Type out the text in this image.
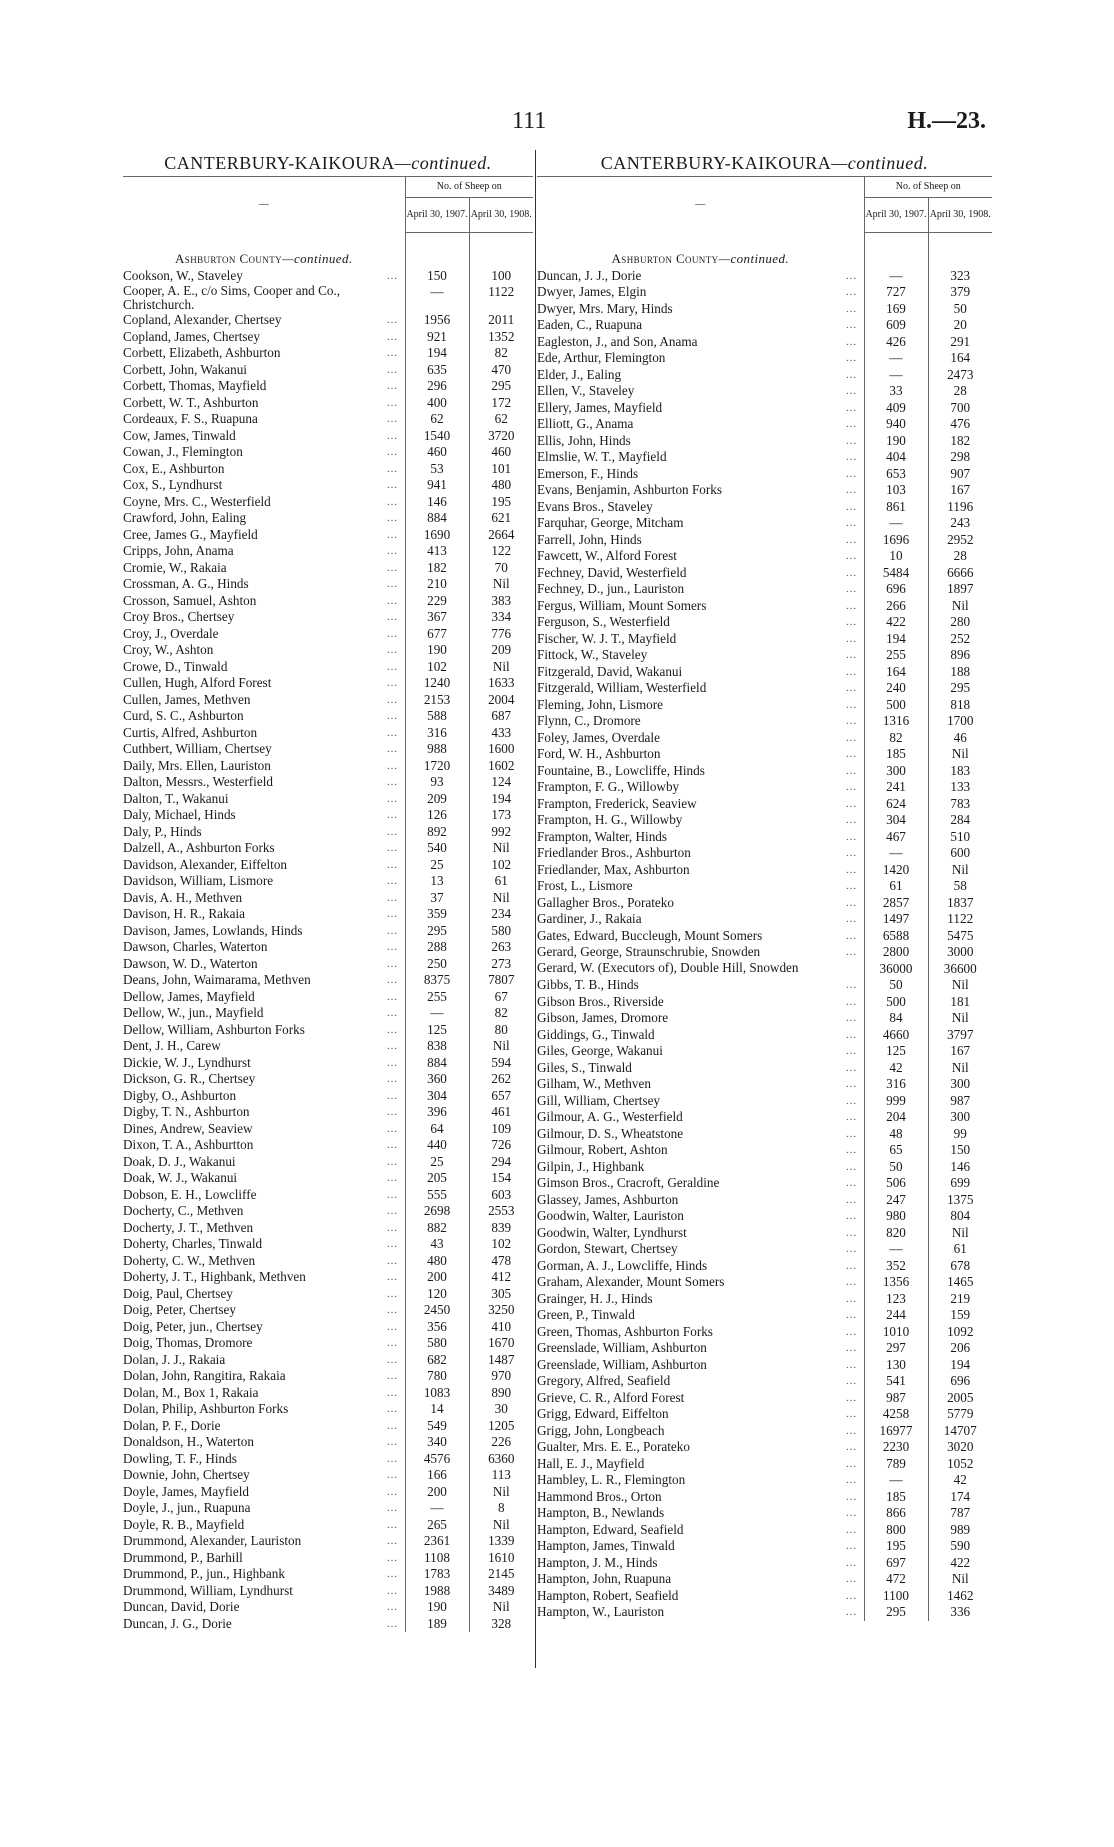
111	H.—23.
CANTERBURY-KAIKOURA—continued.
—	No. of Sheep on	
	April 30, 1907.	April 30, 1908.

Ashburton County—continued.		
Cookson, W., Staveley …	150	100
Cooper, A. E., c/o Sims, Cooper and Co., Christchurch.	—	1122
Copland, Alexander, Chertsey …	1956	2011
Copland, James, Chertsey …	921	1352
Corbett, Elizabeth, Ashburton …	194	82
Corbett, John, Wakanui …	635	470
Corbett, Thomas, Mayfield …	296	295
Corbett, W. T., Ashburton …	400	172
Cordeaux, F. S., Ruapuna …	62	62
Cow, James, Tinwald …	1540	3720
Cowan, J., Flemington …	460	460
Cox, E., Ashburton …	53	101
Cox, S., Lyndhurst …	941	480
Coyne, Mrs. C., Westerfield …	146	195
Crawford, John, Ealing …	884	621
Cree, James G., Mayfield …	1690	2664
Cripps, John, Anama …	413	122
Cromie, W., Rakaia …	182	70
Crossman, A. G., Hinds …	210	Nil
Crosson, Samuel, Ashton …	229	383
Croy Bros., Chertsey …	367	334
Croy, J., Overdale …	677	776
Croy, W., Ashton …	190	209
Crowe, D., Tinwald …	102	Nil
Cullen, Hugh, Alford Forest …	1240	1633
Cullen, James, Methven …	2153	2004
Curd, S. C., Ashburton …	588	687
Curtis, Alfred, Ashburton …	316	433
Cuthbert, William, Chertsey …	988	1600
Daily, Mrs. Ellen, Lauriston …	1720	1602
Dalton, Messrs., Westerfield …	93	124
Dalton, T., Wakanui …	209	194
Daly, Michael, Hinds …	126	173
Daly, P., Hinds …	892	992
Dalzell, A., Ashburton Forks …	540	Nil
Davidson, Alexander, Eiffelton …	25	102
Davidson, William, Lismore …	13	61
Davis, A. H., Methven …	37	Nil
Davison, H. R., Rakaia …	359	234
Davison, James, Lowlands, Hinds …	295	580
Dawson, Charles, Waterton …	288	263
Dawson, W. D., Waterton …	250	273
Deans, John, Waimarama, Methven …	8375	7807
Dellow, James, Mayfield …	255	67
Dellow, W., jun., Mayfield …	—	82
Dellow, William, Ashburton Forks …	125	80
Dent, J. H., Carew …	838	Nil
Dickie, W. J., Lyndhurst …	884	594
Dickson, G. R., Chertsey …	360	262
Digby, O., Ashburton …	304	657
Digby, T. N., Ashburton …	396	461
Dines, Andrew, Seaview …	64	109
Dixon, T. A., Ashburtton …	440	726
Doak, D. J., Wakanui …	25	294
Doak, W. J., Wakanui …	205	154
Dobson, E. H., Lowcliffe …	555	603
Docherty, C., Methven …	2698	2553
Docherty, J. T., Methven …	882	839
Doherty, Charles, Tinwald …	43	102
Doherty, C. W., Methven …	480	478
Doherty, J. T., Highbank, Methven …	200	412
Doig, Paul, Chertsey …	120	305
Doig, Peter, Chertsey …	2450	3250
Doig, Peter, jun., Chertsey …	356	410
Doig, Thomas, Dromore …	580	1670
Dolan, J. J., Rakaia …	682	1487
Dolan, John, Rangitira, Rakaia …	780	970
Dolan, M., Box 1, Rakaia …	1083	890
Dolan, Philip, Ashburton Forks …	14	30
Dolan, P. F., Dorie …	549	1205
Donaldson, H., Waterton …	340	226
Dowling, T. F., Hinds …	4576	6360
Downie, John, Chertsey …	166	113
Doyle, James, Mayfield …	200	Nil
Doyle, J., jun., Ruapuna …	—	8
Doyle, R. B., Mayfield …	265	Nil
Drummond, Alexander, Lauriston …	2361	1339
Drummond, P., Barhill …	1108	1610
Drummond, P., jun., Highbank …	1783	2145
Drummond, William, Lyndhurst …	1988	3489
Duncan, David, Dorie …	190	Nil
Duncan, J. G., Dorie …	189	328
CANTERBURY-KAIKOURA—continued.
—	No. of Sheep on	
	April 30, 1907.	April 30, 1908.

Ashburton County—continued.		
Duncan, J. J., Dorie …	—	323
Dwyer, James, Elgin …	727	379
Dwyer, Mrs. Mary, Hinds …	169	50
Eaden, C., Ruapuna …	609	20
Eagleston, J., and Son, Anama …	426	291
Ede, Arthur, Flemington …	—	164
Elder, J., Ealing …	—	2473
Ellen, V., Staveley …	33	28
Ellery, James, Mayfield …	409	700
Elliott, G., Anama …	940	476
Ellis, John, Hinds …	190	182
Elmslie, W. T., Mayfield …	404	298
Emerson, F., Hinds …	653	907
Evans, Benjamin, Ashburton Forks …	103	167
Evans Bros., Staveley …	861	1196
Farquhar, George, Mitcham …	—	243
Farrell, John, Hinds …	1696	2952
Fawcett, W., Alford Forest …	10	28
Fechney, David, Westerfield …	5484	6666
Fechney, D., jun., Lauriston …	696	1897
Fergus, William, Mount Somers …	266	Nil
Ferguson, S., Westerfield …	422	280
Fischer, W. J. T., Mayfield …	194	252
Fittock, W., Staveley …	255	896
Fitzgerald, David, Wakanui …	164	188
Fitzgerald, William, Westerfield …	240	295
Fleming, John, Lismore …	500	818
Flynn, C., Dromore …	1316	1700
Foley, James, Overdale …	82	46
Ford, W. H., Ashburton …	185	Nil
Fountaine, B., Lowcliffe, Hinds …	300	183
Frampton, F. G., Willowby …	241	133
Frampton, Frederick, Seaview …	624	783
Frampton, H. G., Willowby …	304	284
Frampton, Walter, Hinds …	467	510
Friedlander Bros., Ashburton …	—	600
Friedlander, Max, Ashburton …	1420	Nil
Frost, L., Lismore …	61	58
Gallagher Bros., Porateko …	2857	1837
Gardiner, J., Rakaia …	1497	1122
Gates, Edward, Buccleugh, Mount Somers …	6588	5475
Gerard, George, Straunschrubie, Snowden …	2800	3000
Gerard, W. (Executors of), Double Hill, Snowden	36000	36600
Gibbs, T. B., Hinds …	50	Nil
Gibson Bros., Riverside …	500	181
Gibson, James, Dromore …	84	Nil
Giddings, G., Tinwald …	4660	3797
Giles, George, Wakanui …	125	167
Giles, S., Tinwald …	42	Nil
Gilham, W., Methven …	316	300
Gill, William, Chertsey …	999	987
Gilmour, A. G., Westerfield …	204	300
Gilmour, D. S., Wheatstone …	48	99
Gilmour, Robert, Ashton …	65	150
Gilpin, J., Highbank …	50	146
Gimson Bros., Cracroft, Geraldine …	506	699
Glassey, James, Ashburton …	247	1375
Goodwin, Walter, Lauriston …	980	804
Goodwin, Walter, Lyndhurst …	820	Nil
Gordon, Stewart, Chertsey …	—	61
Gorman, A. J., Lowcliffe, Hinds …	352	678
Graham, Alexander, Mount Somers …	1356	1465
Grainger, H. J., Hinds …	123	219
Green, P., Tinwald …	244	159
Green, Thomas, Ashburton Forks …	1010	1092
Greenslade, William, Ashburton …	297	206
Greenslade, William, Ashburton …	130	194
Gregory, Alfred, Seafield …	541	696
Grieve, C. R., Alford Forest …	987	2005
Grigg, Edward, Eiffelton …	4258	5779
Grigg, John, Longbeach …	16977	14707
Gualter, Mrs. E. E., Porateko …	2230	3020
Hall, E. J., Mayfield …	789	1052
Hambley, L. R., Flemington …	—	42
Hammond Bros., Orton …	185	174
Hampton, B., Newlands …	866	787
Hampton, Edward, Seafield …	800	989
Hampton, James, Tinwald …	195	590
Hampton, J. M., Hinds …	697	422
Hampton, John, Ruapuna …	472	Nil
Hampton, Robert, Seafield …	1100	1462
Hampton, W., Lauriston …	295	336
